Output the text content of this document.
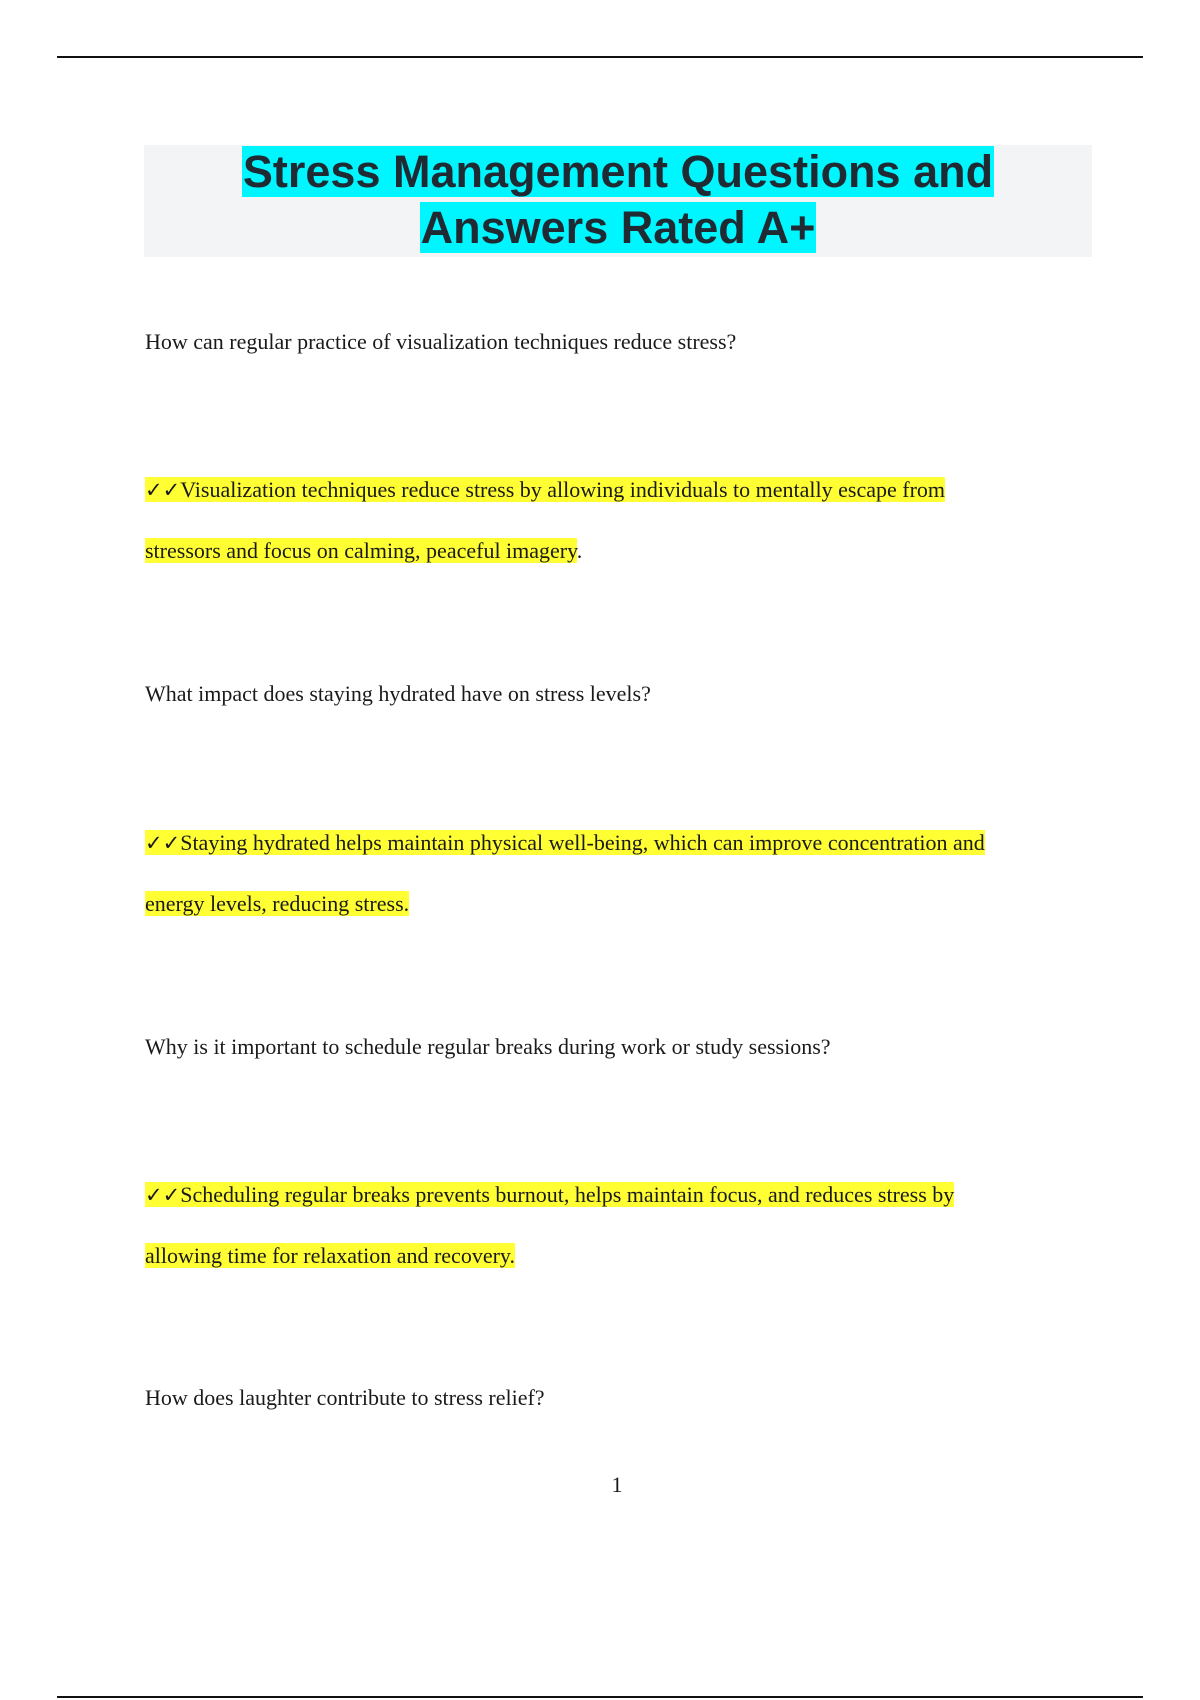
Stress Management Questions and
Answers Rated A+
How can regular practice of visualization techniques reduce stress?
✓✓Visualization techniques reduce stress by allowing individuals to mentally escape from
stressors and focus on calming, peaceful imagery.
What impact does staying hydrated have on stress levels?
✓✓Staying hydrated helps maintain physical well-being, which can improve concentration and
energy levels, reducing stress.
Why is it important to schedule regular breaks during work or study sessions?
✓✓Scheduling regular breaks prevents burnout, helps maintain focus, and reduces stress by
allowing time for relaxation and recovery.
How does laughter contribute to stress relief?
1
